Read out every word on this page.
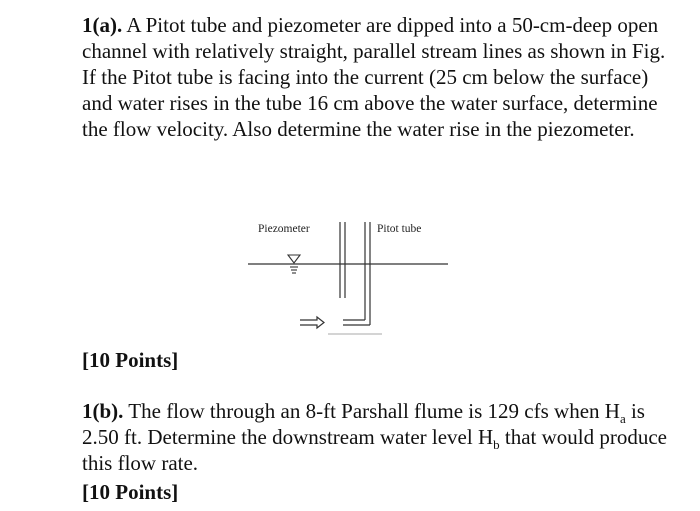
1(a). A Pitot tube and piezometer are dipped into a 50-cm-deep open channel with relatively straight, parallel stream lines as shown in Fig. If the Pitot tube is facing into the current (25 cm below the surface) and water rises in the tube 16 cm above the water surface, determine the flow velocity. Also determine the water rise in the piezometer.

Piezometer	Pitot tube
[10 Points]

1(b). The flow through an 8-ft Parshall flume is 129 cfs when $H_a$ is 2.50 ft. Determine the downstream water level $H_b$ that would produce this flow rate.

[10 Points]
